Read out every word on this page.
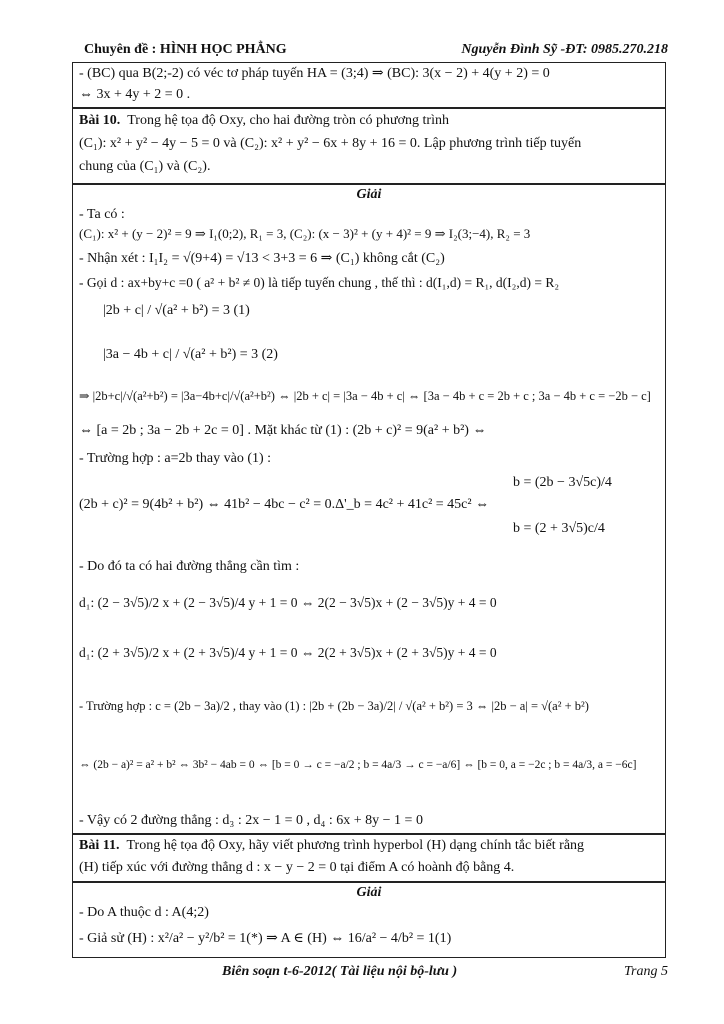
Chuyên đề : HÌNH HỌC PHẲNG	Nguyễn Đình Sỹ -ĐT: 0985.270.218
- (BC) qua B(2;-2) có véc tơ pháp tuyến HA = (3;4) ⇒ (BC): 3(x − 2) + 4(y + 2) = 0
⇔ 3x + 4y + 2 = 0 .
Bài 10. Trong hệ tọa độ Oxy, cho hai đường tròn có phương trình
(C₁): x² + y² − 4y − 5 = 0 và (C₂): x² + y² − 6x + 8y + 16 = 0. Lập phương trình tiếp tuyến
chung của (C₁) và (C₂).
Giải
- Ta có :
(C₁): x² + (y − 2)² = 9 ⇒ I₁(0;2), R₁ = 3, (C₂): (x − 3)² + (y + 4)² = 9 ⇒ I₂(3;−4), R₂ = 3
- Nhận xét : I₁I₂ = √(9+4) = √13 < 3+3 = 6 ⇒ (C₁) không cắt (C₂)
- Gọi d : ax+by+c =0 ( a² + b² ≠ 0) là tiếp tuyến chung , thế thì : d(I₁,d) = R₁, d(I₂,d) = R₂
|2b + c| / √(a² + b²) = 3 (1)
|3a − 4b + c| / √(a² + b²) = 3 (2)
⇒ |2b+c|/√(a²+b²) = |3a−4b+c|/√(a²+b²) ⇔ |2b + c| = |3a − 4b + c| ⇔ [3a − 4b + c = 2b + c ; 3a − 4b + c = −2b − c]
⇔ [a = 2b ; 3a − 2b + 2c = 0] . Mặt khác từ (1) : (2b + c)² = 9(a² + b²) ⇔
- Trường hợp : a=2b thay vào (1) :
(2b + c)² = 9(4b² + b²) ⇔ 41b² − 4bc − c² = 0.Δ'_b = 4c² + 41c² = 45c² ⇔
b = (2b − 3√5c)/4
b = (2 + 3√5)c/4
- Do đó ta có hai đường thẳng cần tìm :
d₁: (2 − 3√5)/2 x + (2 − 3√5)/4 y + 1 = 0 ⇔ 2(2 − 3√5)x + (2 − 3√5)y + 4 = 0
d₁: (2 + 3√5)/2 x + (2 + 3√5)/4 y + 1 = 0 ⇔ 2(2 + 3√5)x + (2 + 3√5)y + 4 = 0
- Trường hợp : c = (2b − 3a)/2 , thay vào (1) : |2b + (2b − 3a)/2| / √(a² + b²) = 3 ⇔ |2b − a| = √(a² + b²)
⇔ (2b − a)² = a² + b² ⇔ 3b² − 4ab = 0 ⇔ [b = 0 → c = −a/2 ; b = 4a/3 → c = −a/6] ⇔ [b = 0, a = −2c ; b = 4a/3, a = −6c]
- Vậy có 2 đường thẳng : d₃ : 2x − 1 = 0 , d₄ : 6x + 8y − 1 = 0
Bài 11. Trong hệ tọa độ Oxy, hãy viết phương trình hyperbol (H) dạng chính tắc biết rằng
(H) tiếp xúc với đường thẳng d : x − y − 2 = 0 tại điểm A có hoành độ bằng 4.
Giải
- Do A thuộc d : A(4;2)
- Giả sử (H) : x²/a² − y²/b² = 1(*) ⇒ A ∈ (H) ⇔ 16/a² − 4/b² = 1(1)
Biên soạn t-6-2012( Tài liệu nội bộ-lưu )	Trang 5
